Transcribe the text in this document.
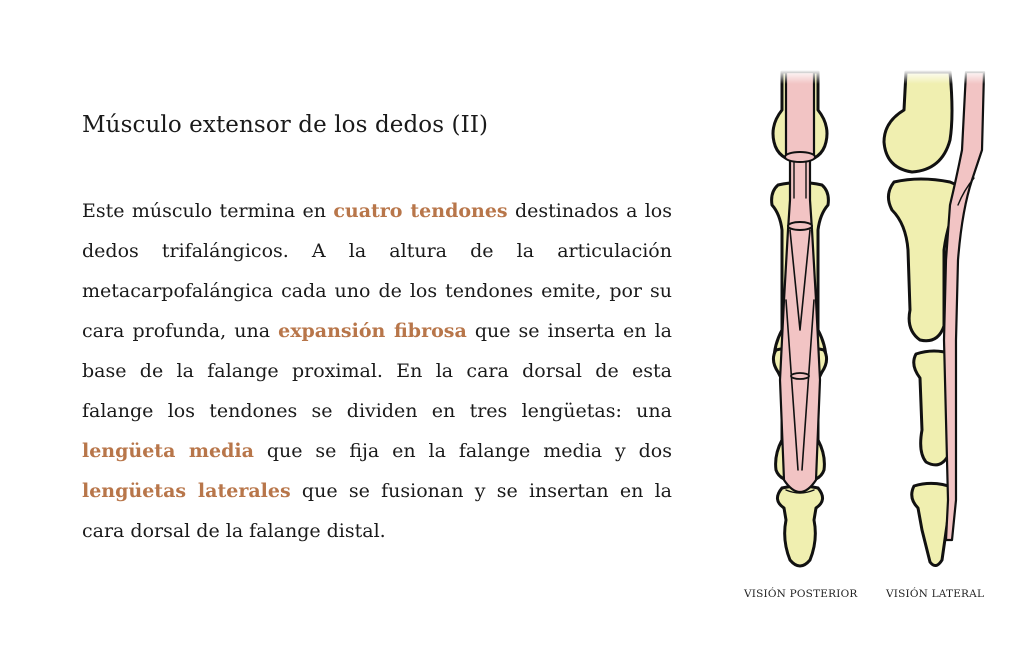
Músculo extensor de los dedos (II)

Este músculo termina en cuatro tendones destinados a los dedos trifalángicos. A la altura de la articulación metacarpofalángica cada uno de los tendones emite, por su cara profunda, una expansión fibrosa que se inserta en la base de la falange proximal. En la cara dorsal de esta falange los tendones se dividen en tres lengüetas: una lengüeta media que se fija en la falange media y dos lengüetas laterales que se fusionan y se insertan en la cara dorsal de la falange distal.

VISIÓN POSTERIOR	VISIÓN LATERAL
